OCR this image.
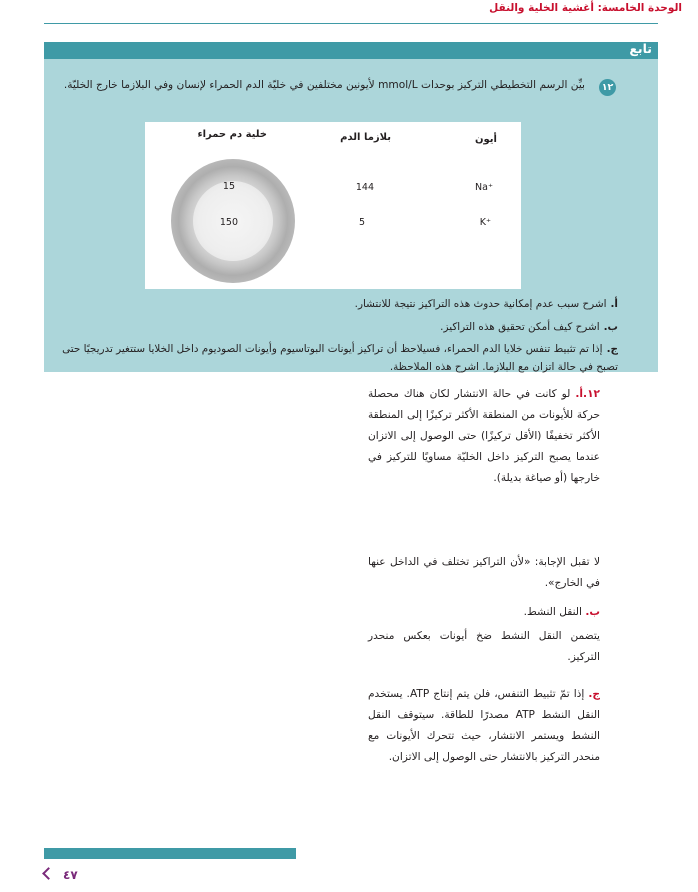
الوحدة الخامسة: أغشية الخلية والنقل
تابع
١٢
بيِّن الرسم التخطيطي التركيز بوحدات mmol/L لأيونين مختلفين في خليّة الدم الحمراء لإنسان وفي البلازما خارج الخليّة.
أيون
بلازما الدم
خلية دم حمراء
Na⁺
144
15
K⁺
5
150
أ.اشرح سبب عدم إمكانية حدوث هذه التراكيز نتيجة للانتشار.
ب.اشرح كيف أمكن تحقيق هذه التراكيز.
ج.إذا تم تثبيط تنفس خلايا الدم الحمراء، فسيلاحظ أن تراكيز أيونات البوتاسيوم وأيونات الصوديوم داخل الخلايا ستتغير تدريجيًا حتى تصبح في حالة اتزان مع البلازما. اشرح هذه الملاحظة.
١٢.أ. لو كانت في حالة الانتشار لكان هناك محصلة حركة للأيونات من المنطقة الأكثر تركيزًا إلى المنطقة الأكثر تخفيفًا (الأقل تركيزًا) حتى الوصول إلى الاتزان عندما يصبح التركيز داخل الخليّة مساويًا للتركيز في خارجها (أو صياغة بديلة).
لا تقبل الإجابة: «لأن التراكيز تختلف في الداخل عنها في الخارج».
ب. النقل النشط.
يتضمن النقل النشط ضخ أيونات بعكس منحدر التركيز.
ج. إذا تمّ تثبيط التنفس، فلن يتم إنتاج ATP. يستخدم النقل النشط ATP مصدرًا للطاقة. سيتوقف النقل النشط ويستمر الانتشار، حيث تتحرك الأيونات مع منحدر التركيز بالانتشار حتى الوصول إلى الاتزان.
٤٧
